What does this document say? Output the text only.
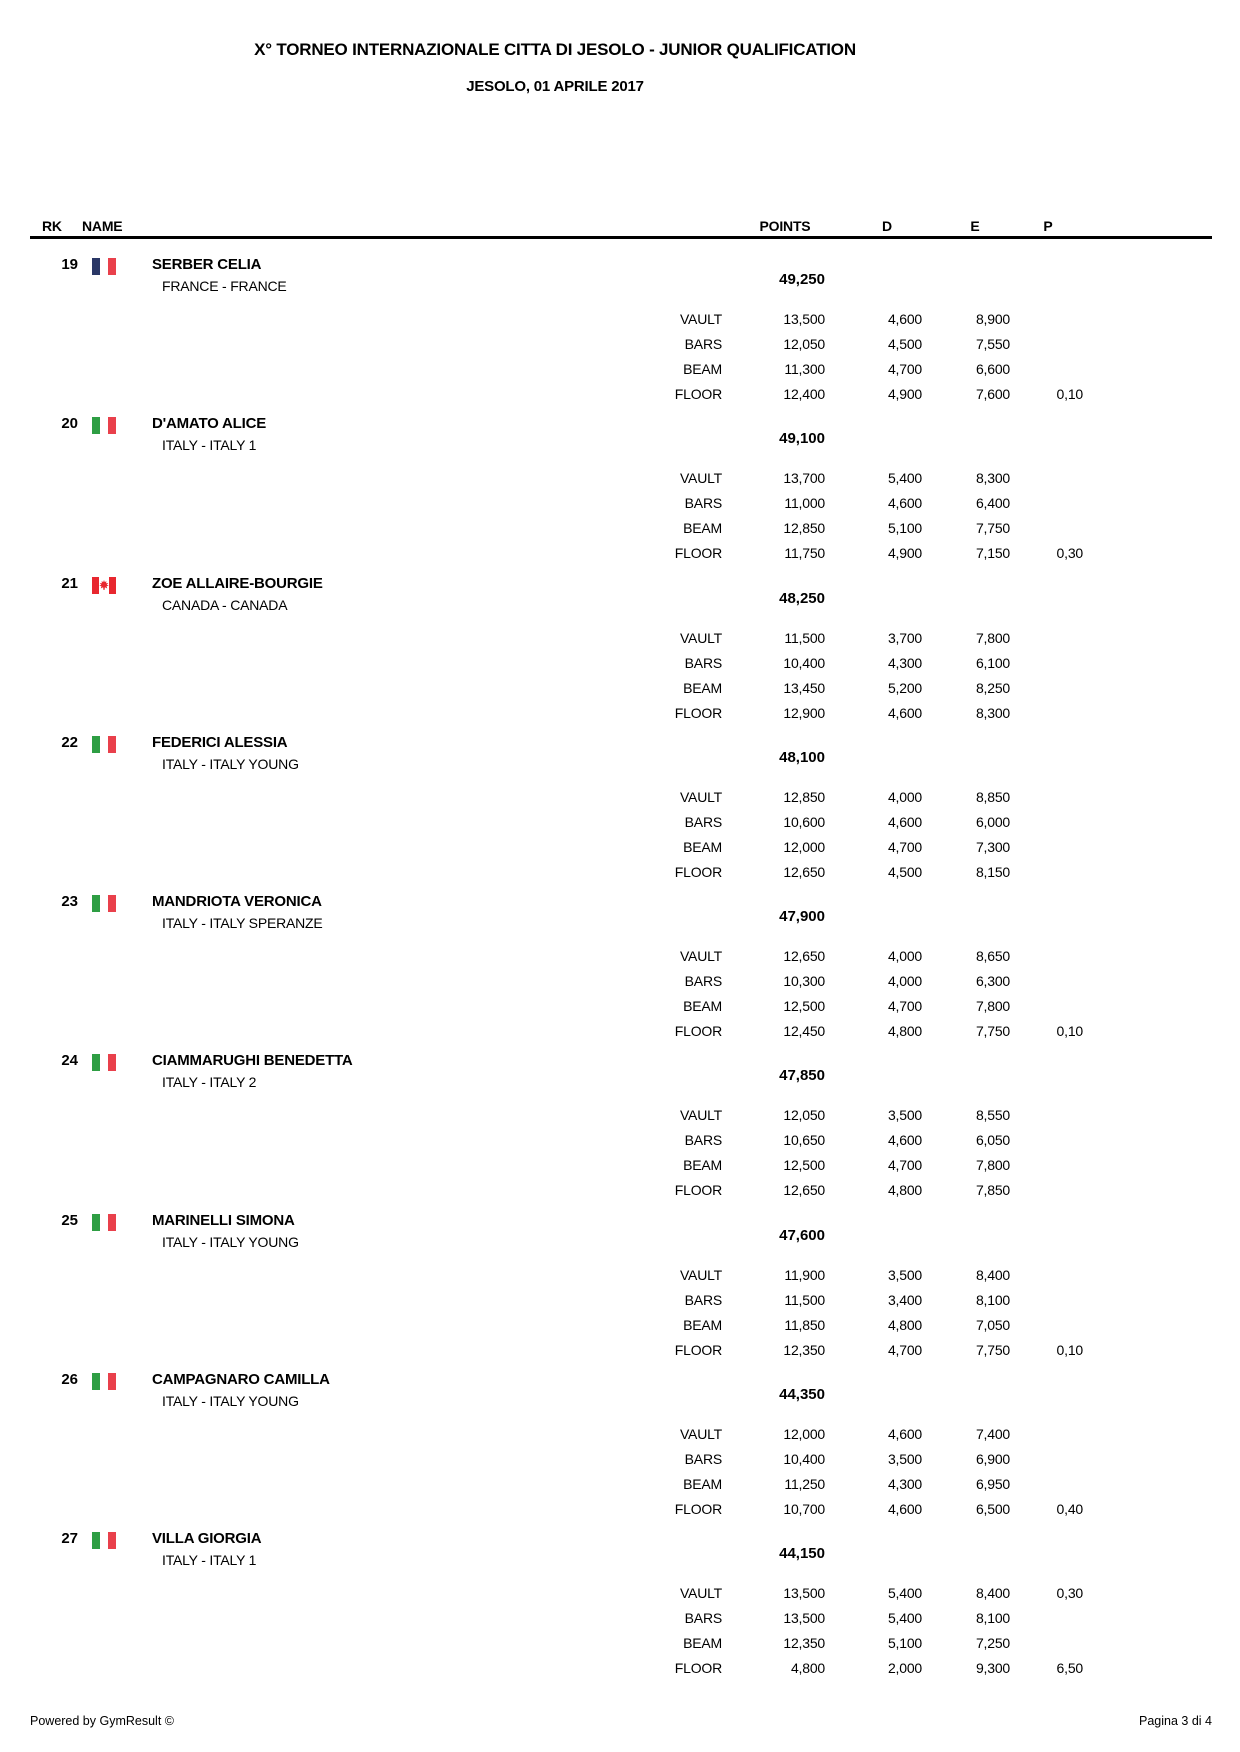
X° TORNEO INTERNAZIONALE CITTA DI JESOLO - JUNIOR QUALIFICATION
JESOLO, 01 APRILE 2017
RK NAME	POINTS	D	E	P
19	SERBER CELIA
FRANCE - FRANCE	49,250
VAULT	13,500	4,600	8,900
BARS	12,050	4,500	7,550
BEAM	11,300	4,700	6,600
FLOOR	12,400	4,900	7,600	0,10
20	D'AMATO ALICE
ITALY - ITALY 1	49,100
VAULT	13,700	5,400	8,300
BARS	11,000	4,600	6,400
BEAM	12,850	5,100	7,750
FLOOR	11,750	4,900	7,150	0,30
21	ZOE ALLAIRE-BOURGIE
CANADA - CANADA	48,250
VAULT	11,500	3,700	7,800
BARS	10,400	4,300	6,100
BEAM	13,450	5,200	8,250
FLOOR	12,900	4,600	8,300
22	FEDERICI ALESSIA
ITALY - ITALY YOUNG	48,100
VAULT	12,850	4,000	8,850
BARS	10,600	4,600	6,000
BEAM	12,000	4,700	7,300
FLOOR	12,650	4,500	8,150
23	MANDRIOTA VERONICA
ITALY - ITALY SPERANZE	47,900
VAULT	12,650	4,000	8,650
BARS	10,300	4,000	6,300
BEAM	12,500	4,700	7,800
FLOOR	12,450	4,800	7,750	0,10
24	CIAMMARUGHI BENEDETTA
ITALY - ITALY 2	47,850
VAULT	12,050	3,500	8,550
BARS	10,650	4,600	6,050
BEAM	12,500	4,700	7,800
FLOOR	12,650	4,800	7,850
25	MARINELLI SIMONA
ITALY - ITALY YOUNG	47,600
VAULT	11,900	3,500	8,400
BARS	11,500	3,400	8,100
BEAM	11,850	4,800	7,050
FLOOR	12,350	4,700	7,750	0,10
26	CAMPAGNARO CAMILLA
ITALY - ITALY YOUNG	44,350
VAULT	12,000	4,600	7,400
BARS	10,400	3,500	6,900
BEAM	11,250	4,300	6,950
FLOOR	10,700	4,600	6,500	0,40
27	VILLA GIORGIA
ITALY - ITALY 1	44,150
VAULT	13,500	5,400	8,400	0,30
BARS	13,500	5,400	8,100
BEAM	12,350	5,100	7,250
FLOOR	4,800	2,000	9,300	6,50
Powered by GymResult ©	Pagina 3 di 4
